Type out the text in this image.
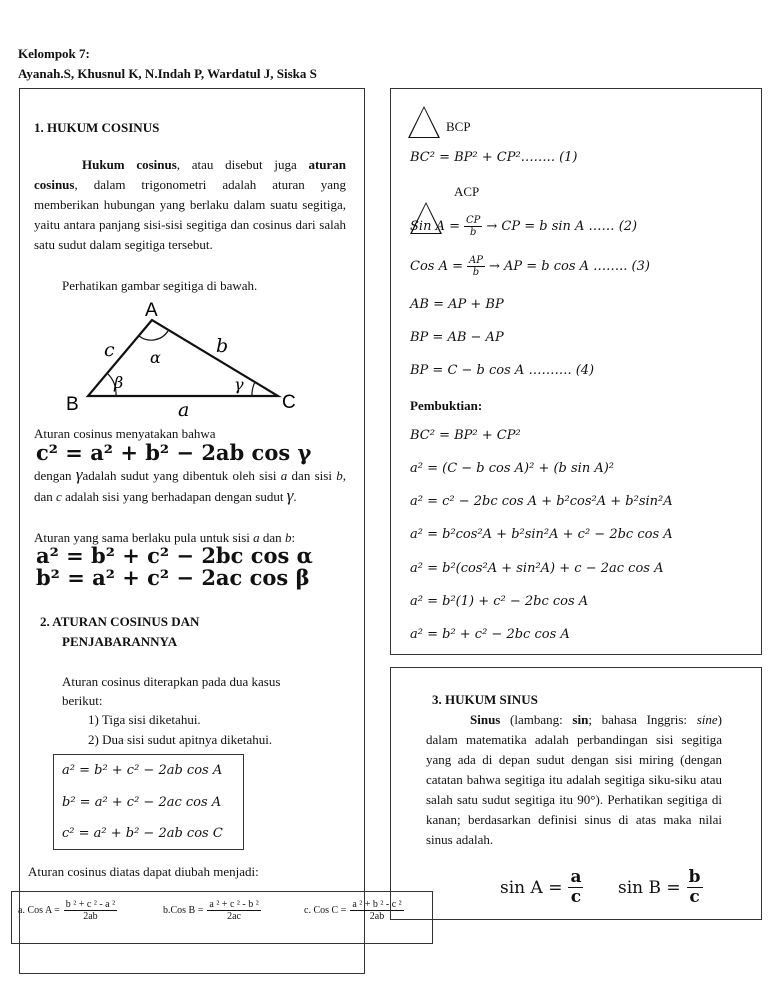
Kelompok 7:
Ayanah.S, Khusnul K, N.Indah P, Wardatul J, Siska S
1. HUKUM COSINUS
Hukum cosinus, atau disebut juga aturan cosinus, dalam trigonometri adalah aturan yang memberikan hubungan yang berlaku dalam suatu segitiga, yaitu antara panjang sisi-sisi segitiga dan cosinus dari salah satu sudut dalam segitiga tersebut.
Perhatikan gambar segitiga di bawah.
A
B	C
c	b
a
α
β	γ
Aturan cosinus menyatakan bahwa
c² = a² + b² − 2ab cos γ
dengan γadalah sudut yang dibentuk oleh sisi a dan sisi b, dan c adalah sisi yang berhadapan dengan sudut γ.
Aturan yang sama berlaku pula untuk sisi a dan b:
a² = b² + c² − 2bc cos α
b² = a² + c² − 2ac cos β
2. ATURAN COSINUS DAN
PENJABARANNYA
Aturan cosinus diterapkan pada dua kasus
berikut:
1) Tiga sisi diketahui.
2) Dua sisi sudut apitnya diketahui.
a² = b² + c² − 2ab cos A
b² = a² + c² − 2ac cos A
c² = a² + b² − 2ab cos C
Aturan cosinus diatas dapat diubah menjadi:
a. Cos $A = \frac{\text{b ² + c ² - a ²}}{2ab}$	b.Cos $B = \frac{\text{a ² + c ² - b ²}}{2ac}$	c. Cos $C = \frac{\text{a ² + b ² - c ²}}{2ab}$
BCP
BC² = BP² + CP²…….. (1)
ACP
Sin $A = \frac{CP}{b}$ → CP = b sin A …… (2)
Cos $A = \frac{AP}{b}$ → AP = b cos A …….. (3)
AB = AP + BP
BP = AB − AP
BP = C − b cos A ………. (4)
Pembuktian:
BC² = BP² + CP²
a² = (C − b cos A)² + (b sin A)²
a² = c² − 2bc cos A + b²cos²A + b²sin²A
a² = b²cos²A + b²sin²A + c² − 2bc cos A
a² = b²(cos²A + sin²A) + c − 2ac cos A
a² = b²(1) + c² − 2bc cos A
a² = b² + c² − 2bc cos A
3. HUKUM SINUS
Sinus (lambang: sin; bahasa Inggris: sine) dalam matematika adalah perbandingan sisi segitiga yang ada di depan sudut dengan sisi miring (dengan catatan bahwa segitiga itu adalah segitiga siku-siku atau salah satu sudut segitiga itu 90°). Perhatikan segitiga di kanan; berdasarkan definisi sinus di atas maka nilai sinus adalah.
$\sin A = \frac{a}{c}$ $\sin B = \frac{b}{c}$
